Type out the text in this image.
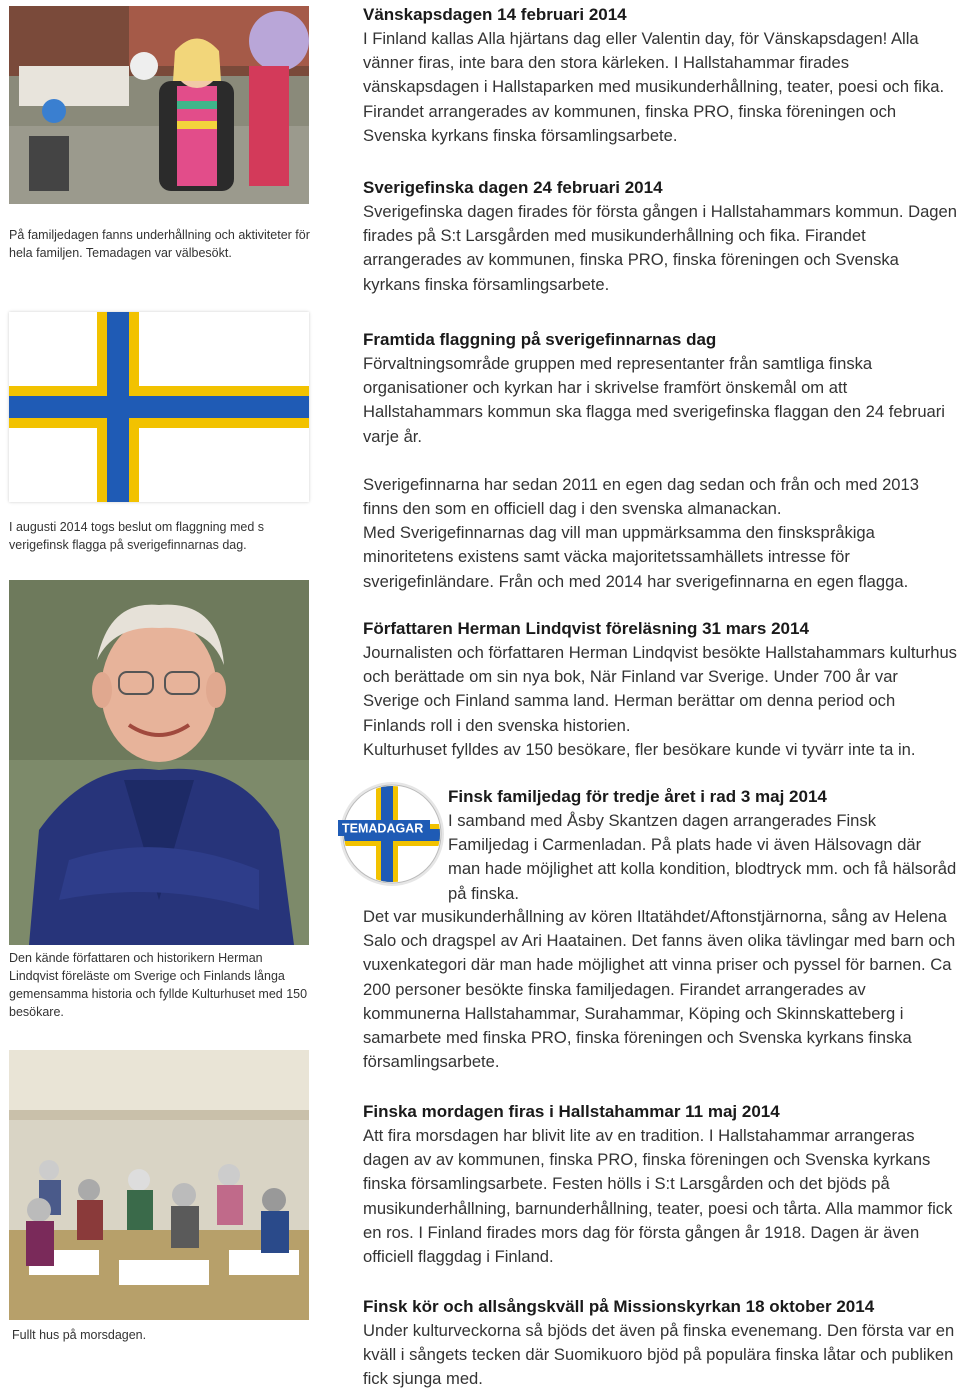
På familjedagen fanns underhållning och aktiviteter för hela familjen. Temadagen var välbesökt.
I augusti 2014 togs beslut om flaggning med s verigefinsk flagga på sverigefinnarnas dag.
Den kände författaren och historikern Herman Lindqvist föreläste om Sverige och Finlands långa gemensamma historia och fyllde Kulturhuset med 150 besökare.
Fullt hus på morsdagen.
Vänskapsdagen 14 februari 2014

I Finland kallas Alla hjärtans dag eller Valentin day, för Vänskapsdagen! Alla vänner firas, inte bara den stora kärleken. I Hallstahammar firades vänskapsdagen i Hallstaparken med musikunderhållning, teater, poesi och fika. Firandet arrangerades av kommunen, finska PRO, finska föreningen och Svenska kyrkans finska församlingsarbete.

Sverigefinska dagen 24 februari 2014

Sverigefinska dagen firades för första gången i Hallstahammars kommun. Dagen firades på S:t Larsgården med musikunderhållning och fika. Firandet arrangerades av kommunen, finska PRO, finska föreningen och Svenska kyrkans finska församlingsarbete.

Framtida flaggning på sverigefinnarnas dag

Förvaltningsområde gruppen med representanter från samtliga finska organisationer och kyrkan har i skrivelse framfört önskemål om att Hallstahammars kommun ska flagga med sverigefinska flaggan den 24 februari varje år.

Sverigefinnarna har sedan 2011 en egen dag sedan och från och med 2013 finns den som en officiell dag i den svenska almanackan.

Med Sverigefinnarnas dag vill man uppmärksamma den finskspråkiga minoritetens existens samt väcka majoritetssamhällets intresse för sverigefinländare. Från och med 2014 har sverigefinnarna en egen flagga.

Författaren Herman Lindqvist föreläsning 31 mars 2014

Journalisten och författaren Herman Lindqvist besökte Hallstahammars kulturhus och berättade om sin nya bok, När Finland var Sverige. Under 700 år var Sverige och Finland samma land. Herman berättar om denna period och Finlands roll i den svenska historien.

Kulturhuset fylldes av 150 besökare, fler besökare kunde vi tyvärr inte ta in.

TEMADAGAR
Finsk familjedag för tredje året i rad 3 maj 2014

I samband med Åsby Skantzen dagen arrangerades Finsk Familjedag i Carmenladan. På plats hade vi även Hälsovagn där man hade möjlighet att kolla kondition, blodtryck mm. och få hälsoråd på finska.

Det var musikunderhållning av kören Iltatähdet/Aftonstjärnorna, sång av Helena Salo och dragspel av Ari Haatainen. Det fanns även olika tävlingar med barn och vuxenkategori där man hade möjlighet att vinna priser och pyssel för barnen. Ca 200 personer besökte finska familjedagen. Firandet arrangerades av kommunerna Hallstahammar, Surahammar, Köping och Skinnskatteberg i samarbete med finska PRO, finska föreningen och Svenska kyrkans finska församlingsarbete.

Finska mordagen firas i Hallstahammar 11 maj 2014

Att fira morsdagen har blivit lite av en tradition. I Hallstahammar arrangeras dagen av av kommunen, finska PRO, finska föreningen och Svenska kyrkans finska församlingsarbete. Festen hölls i S:t Larsgården och det bjöds på musikunderhållning, barnunderhållning, teater, poesi och tårta. Alla mammor fick en ros. I Finland firades mors dag för första gången år 1918. Dagen är även officiell flaggdag i Finland.

Finsk kör och allsångskväll på Missionskyrkan 18 oktober 2014

Under kulturveckorna så bjöds det även på finska evenemang. Den första var en kväll i sångets tecken där Suomikuoro bjöd på populära finska låtar och publiken fick sjunga med.
